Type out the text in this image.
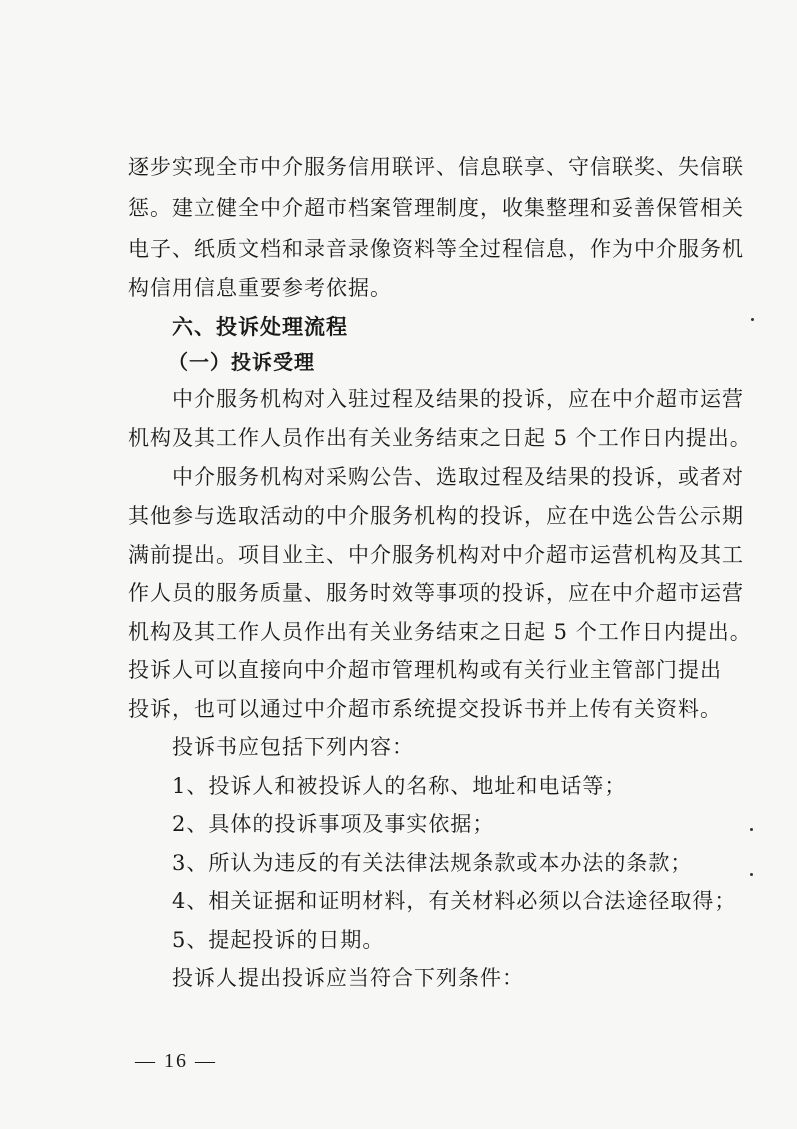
逐步实现全市中介服务信用联评、信息联享、守信联奖、失信联
惩。建立健全中介超市档案管理制度，收集整理和妥善保管相关
电子、纸质文档和录音录像资料等全过程信息，作为中介服务机
构信用信息重要参考依据。
六、投诉处理流程
（一）投诉受理
中介服务机构对入驻过程及结果的投诉，应在中介超市运营
机构及其工作人员作出有关业务结束之日起 5 个工作日内提出。
中介服务机构对采购公告、选取过程及结果的投诉，或者对
其他参与选取活动的中介服务机构的投诉，应在中选公告公示期
满前提出。项目业主、中介服务机构对中介超市运营机构及其工
作人员的服务质量、服务时效等事项的投诉，应在中介超市运营
机构及其工作人员作出有关业务结束之日起 5 个工作日内提出。
投诉人可以直接向中介超市管理机构或有关行业主管部门提出
投诉，也可以通过中介超市系统提交投诉书并上传有关资料。
投诉书应包括下列内容：
1、投诉人和被投诉人的名称、地址和电话等；
2、具体的投诉事项及事实依据；
3、所认为违反的有关法律法规条款或本办法的条款；
4、相关证据和证明材料，有关材料必须以合法途径取得；
5、提起投诉的日期。
投诉人提出投诉应当符合下列条件：
— 16 —
